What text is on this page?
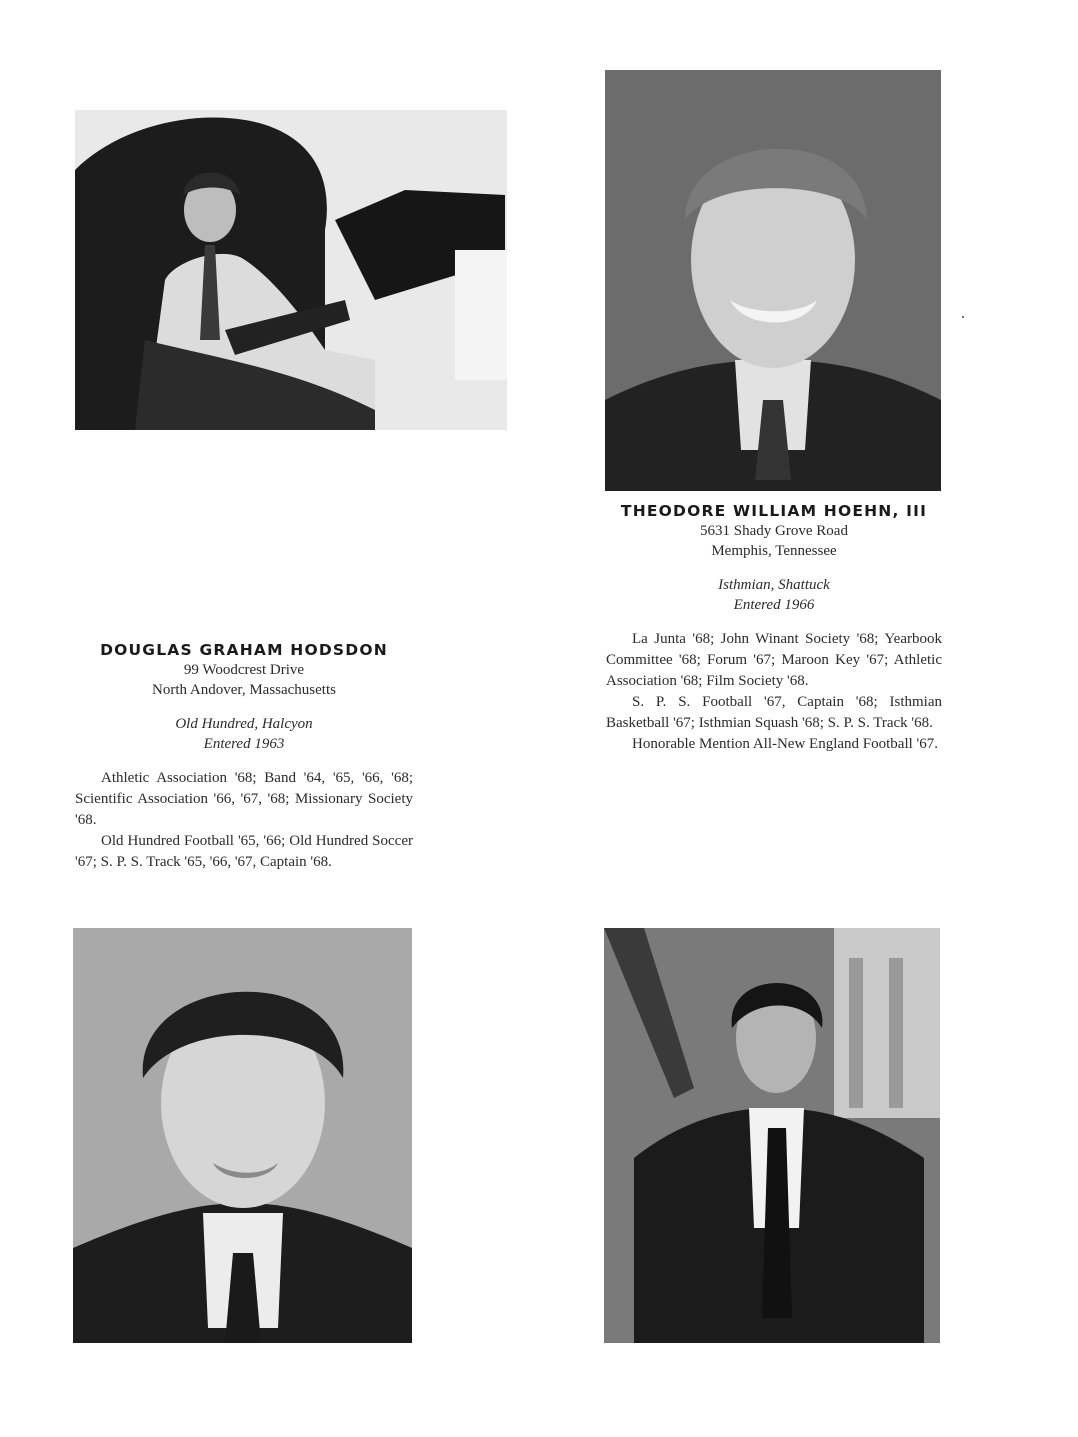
THEODORE WILLIAM HOEHN, III
5631 Shady Grove Road
Memphis, Tennessee
Isthmian, Shattuck
Entered 1966

La Junta '68; John Winant Society '68; Yearbook Committee '68; Forum '67; Maroon Key '67; Athletic Association '68; Film Society '68.

S. P. S. Football '67, Captain '68; Isthmian Basketball '67; Isthmian Squash '68; S. P. S. Track '68.

Honorable Mention All-New England Football '67.

DOUGLAS GRAHAM HODSDON
99 Woodcrest Drive
North Andover, Massachusetts
Old Hundred, Halcyon
Entered 1963

Athletic Association '68; Band '64, '65, '66, '68; Scientific Association '66, '67, '68; Missionary Society '68.

Old Hundred Football '65, '66; Old Hundred Soccer '67; S. P. S. Track '65, '66, '67, Captain '68.
